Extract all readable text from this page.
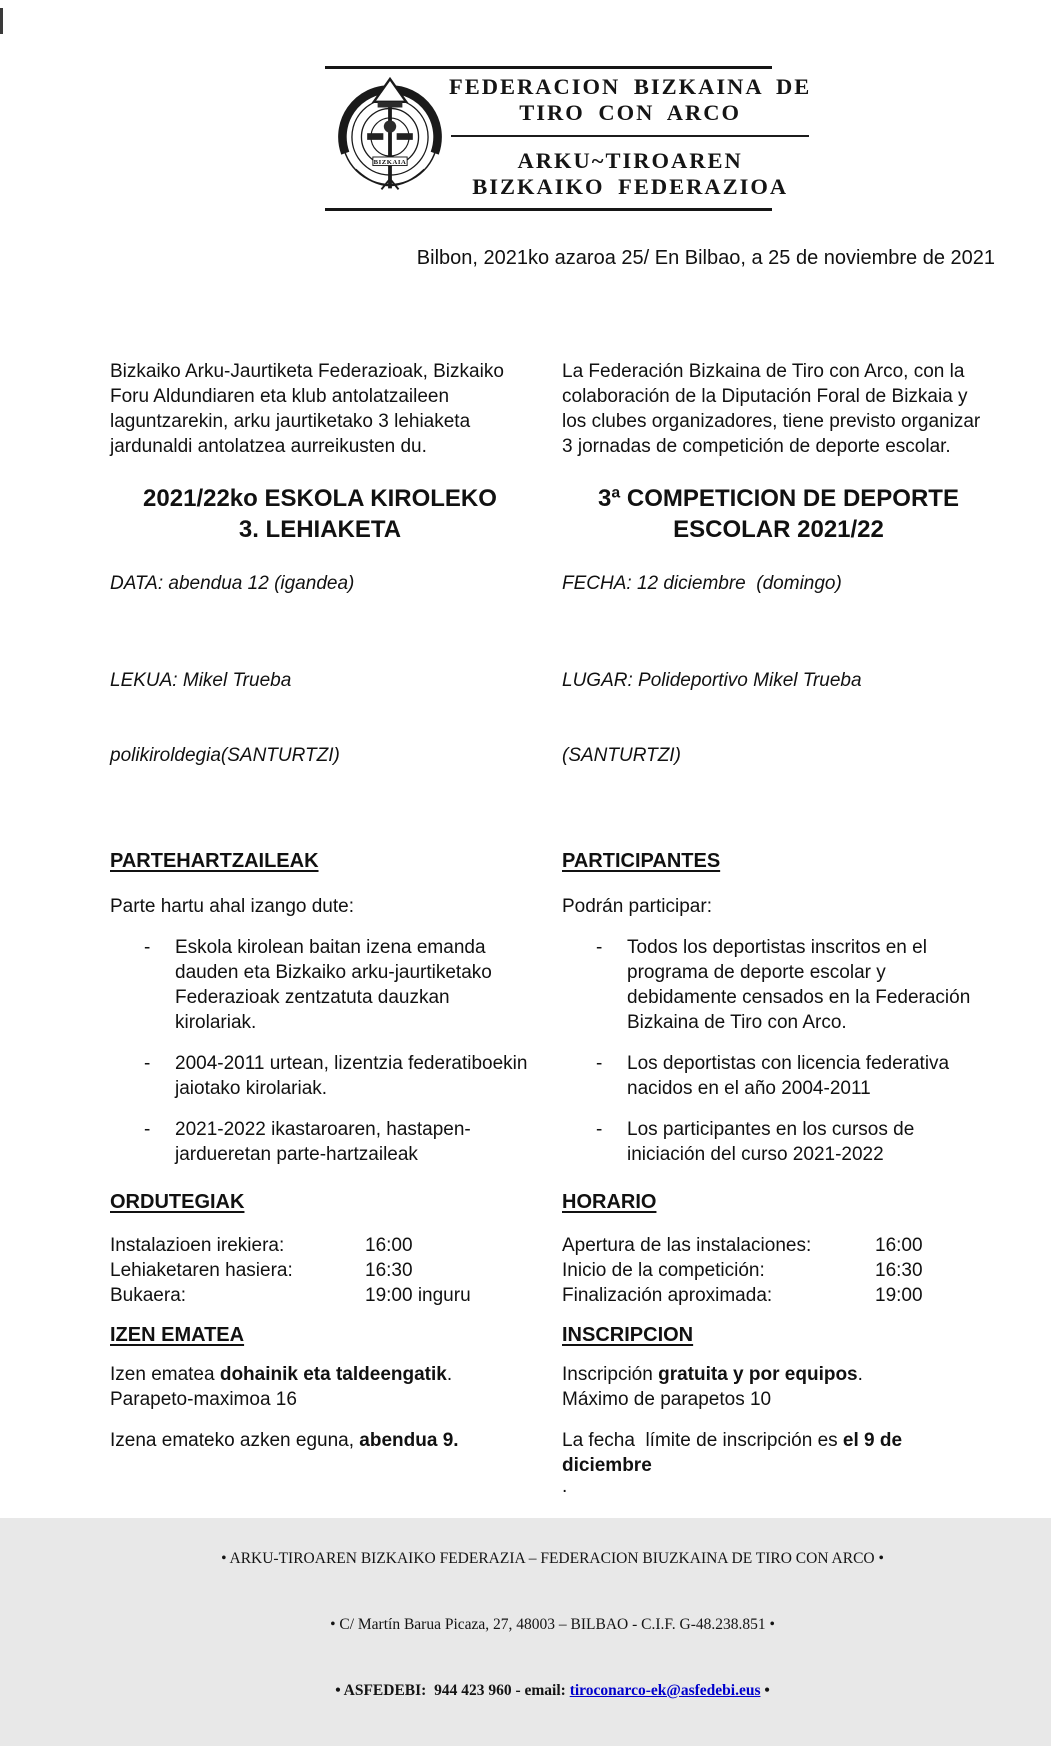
BIZKAIA
FEDERACION BIZKAINA DE
TIRO CON ARCO
ARKU~TIROAREN
BIZKAIKO FEDERAZIOA
Bilbon, 2021ko azaroa 25/ En Bilbao, a 25 de noviembre de 2021
Bizkaiko Arku-Jaurtiketa Federazioak, Bizkaiko Foru Aldundiaren eta klub antolatzaileen laguntzarekin, arku jaurtiketako 3 lehiaketa jardunaldi antolatzea aurreikusten du.
La Federación Bizkaina de Tiro con Arco, con la colaboración de la Diputación Foral de Bizkaia y los clubes organizadores, tiene previsto organizar 3 jornadas de competición de deporte escolar.
2021/22ko ESKOLA KIROLEKO
3. LEHIAKETA
3ª COMPETICION DE DEPORTE
ESCOLAR 2021/22
DATA: abendua 12 (igandea)

LEKUA: Mikel Trueba

polikiroldegia(SANTURTZI)

FECHA: 12 diciembre  (domingo)

LUGAR: Polideportivo Mikel Trueba

(SANTURTZI)

PARTEHARTZAILEAK	PARTICIPANTES
Parte hartu ahal izango dute:	Podrán participar:
-	Eskola kirolean baitan izena emanda dauden eta Bizkaiko arku-jaurtiketako Federazioak zentzatuta dauzkan kirolariak.
-	2004-2011 urtean, lizentzia federatiboekin jaiotako kirolariak.
-	2021-2022 ikastaroaren, hastapen-jardueretan parte-hartzaileak
-	Todos los deportistas inscritos en el programa de deporte escolar y debidamente censados en la Federación Bizkaina de Tiro con Arco.
-	Los deportistas con licencia federativa nacidos en el año 2004-2011
-	Los participantes en los cursos de iniciación del curso 2021-2022
ORDUTEGIAK	HORARIO
Instalazioen irekiera:	16:00
Lehiaketaren hasiera:	16:30
Bukaera:	19:00 inguru
Apertura de las instalaciones:	16:00
Inicio de la competición:	16:30
Finalización aproximada:	19:00
IZEN EMATEA	INSCRIPCION
Izen ematea dohainik eta taldeengatik.
Parapeto-maximoa 16
Izena emateko azken eguna, abendua 9.
Inscripción gratuita y por equipos.
Máximo de parapetos 10
La fecha  límite de inscripción es el 9 de diciembre
.

• ARKU-TIROAREN BIZKAIKO FEDERAZIA – FEDERACION BIUZKAINA DE TIRO CON ARCO •

• C/ Martín Barua Picaza, 27, 48003 – BILBAO - C.I.F. G-48.238.851 •

• ASFEDEBI:  944 423 960 - email: tiroconarco-ek@asfedebi.eus •
